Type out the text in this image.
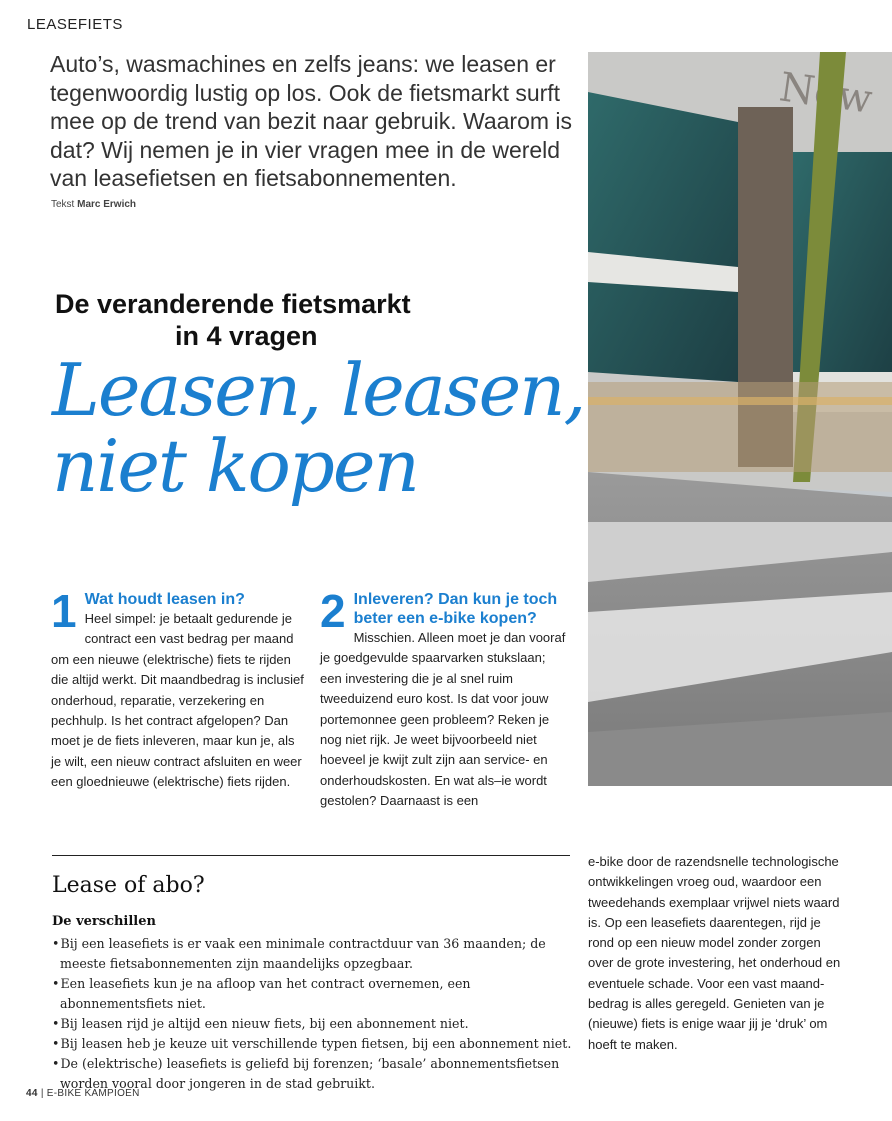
LEASEFIETS
Auto’s, wasmachines en zelfs jeans: we leasen er tegenwoordig lustig op los. Ook de fietsmarkt surft mee op de trend van bezit naar gebruik. Waarom is dat? Wij nemen je in vier vragen mee in de wereld van leasefietsen en fietsabonnementen.
Tekst Marc Erwich
De veranderende fietsmarkt
in 4 vragen
Leasen, leasen,
niet kopen
1 Wat houdt leasen in?
Heel simpel: je betaalt gedurende je contract een vast bedrag per maand om een nieuwe (elektrische) fiets te rijden die altijd werkt. Dit maandbedrag is inclusief onderhoud, reparatie, verzekering en pechhulp. Is het contract afgelopen? Dan moet je de fiets inleveren, maar kun je, als je wilt, een nieuw contract afsluiten en weer een gloednieuwe (elektrische) fiets rijden.
2 Inleveren? Dan kun je toch beter een e-bike kopen?
Misschien. Alleen moet je dan vooraf je goedgevulde spaarvarken stukslaan; een investering die je al snel ruim tweeduizend euro kost. Is dat voor jouw portemonnee geen probleem? Reken je nog niet rijk. Je weet bijvoorbeeld niet hoeveel je kwijt zult zijn aan service- en onderhoudskosten. En wat als–ie wordt gestolen? Daarnaast is een
Lease of abo?
De verschillen
• Bij een leasefiets is er vaak een minimale contractduur van 36 maanden; de meeste fietsabonnementen zijn maandelijks opzegbaar.
• Een leasefiets kun je na afloop van het contract overnemen, een abonnementsfiets niet.
• Bij leasen rijd je altijd een nieuw fiets, bij een abonnement niet.
• Bij leasen heb je keuze uit verschillende typen fietsen, bij een abonnement niet.
• De (elektrische) leasefiets is geliefd bij forenzen; ‘basale’ abonnementsfietsen worden vooral door jongeren in de stad gebruikt.
e-bike door de razendsnelle technologische ontwikkelingen vroeg oud, waardoor een tweedehands exemplaar vrijwel niets waard is. Op een leasefiets daarentegen, rijd je rond op een nieuw model zonder zorgen over de grote investering, het onderhoud en eventuele schade. Voor een vast maandbedrag is alles geregeld. Genieten van je (nieuwe) fiets is enige waar jij je ‘druk’ om hoeft te maken.
44 | E-BIKE KAMPIOEN
